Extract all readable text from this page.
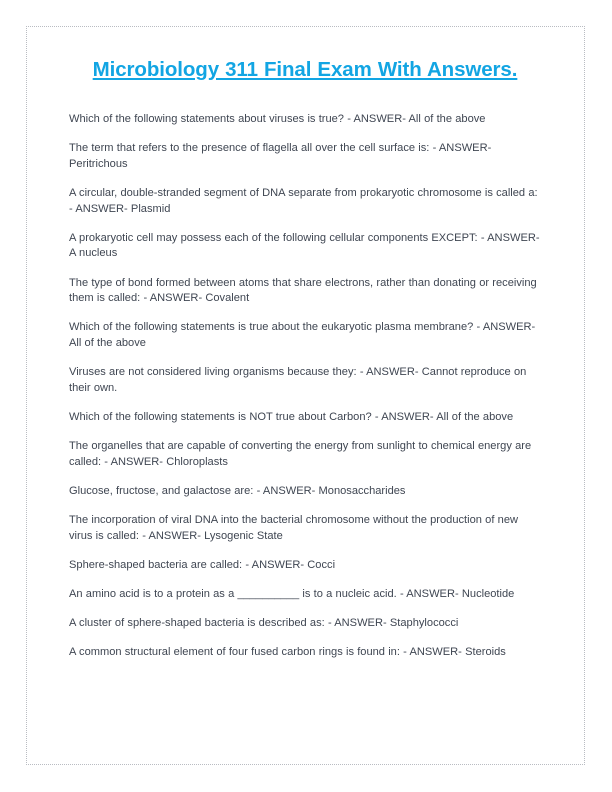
Microbiology 311 Final Exam With Answers.
Which of the following statements about viruses is true? - ANSWER- All of the above
The term that refers to the presence of flagella all over the cell surface is: - ANSWER- Peritrichous
A circular, double-stranded segment of DNA separate from prokaryotic chromosome is called a: - ANSWER- Plasmid
A prokaryotic cell may possess each of the following cellular components EXCEPT: - ANSWER- A nucleus
The type of bond formed between atoms that share electrons, rather than donating or receiving them is called: - ANSWER- Covalent
Which of the following statements is true about the eukaryotic plasma membrane? - ANSWER- All of the above
Viruses are not considered living organisms because they: - ANSWER- Cannot reproduce on their own.
Which of the following statements is NOT true about Carbon? - ANSWER- All of the above
The organelles that are capable of converting the energy from sunlight to chemical energy are called: - ANSWER- Chloroplasts
Glucose, fructose, and galactose are: - ANSWER- Monosaccharides
The incorporation of viral DNA into the bacterial chromosome without the production of new virus is called: - ANSWER- Lysogenic State
Sphere-shaped bacteria are called: - ANSWER- Cocci
An amino acid is to a protein as a __________ is to a nucleic acid. - ANSWER- Nucleotide
A cluster of sphere-shaped bacteria is described as: - ANSWER- Staphylococci
A common structural element of four fused carbon rings is found in: - ANSWER- Steroids
